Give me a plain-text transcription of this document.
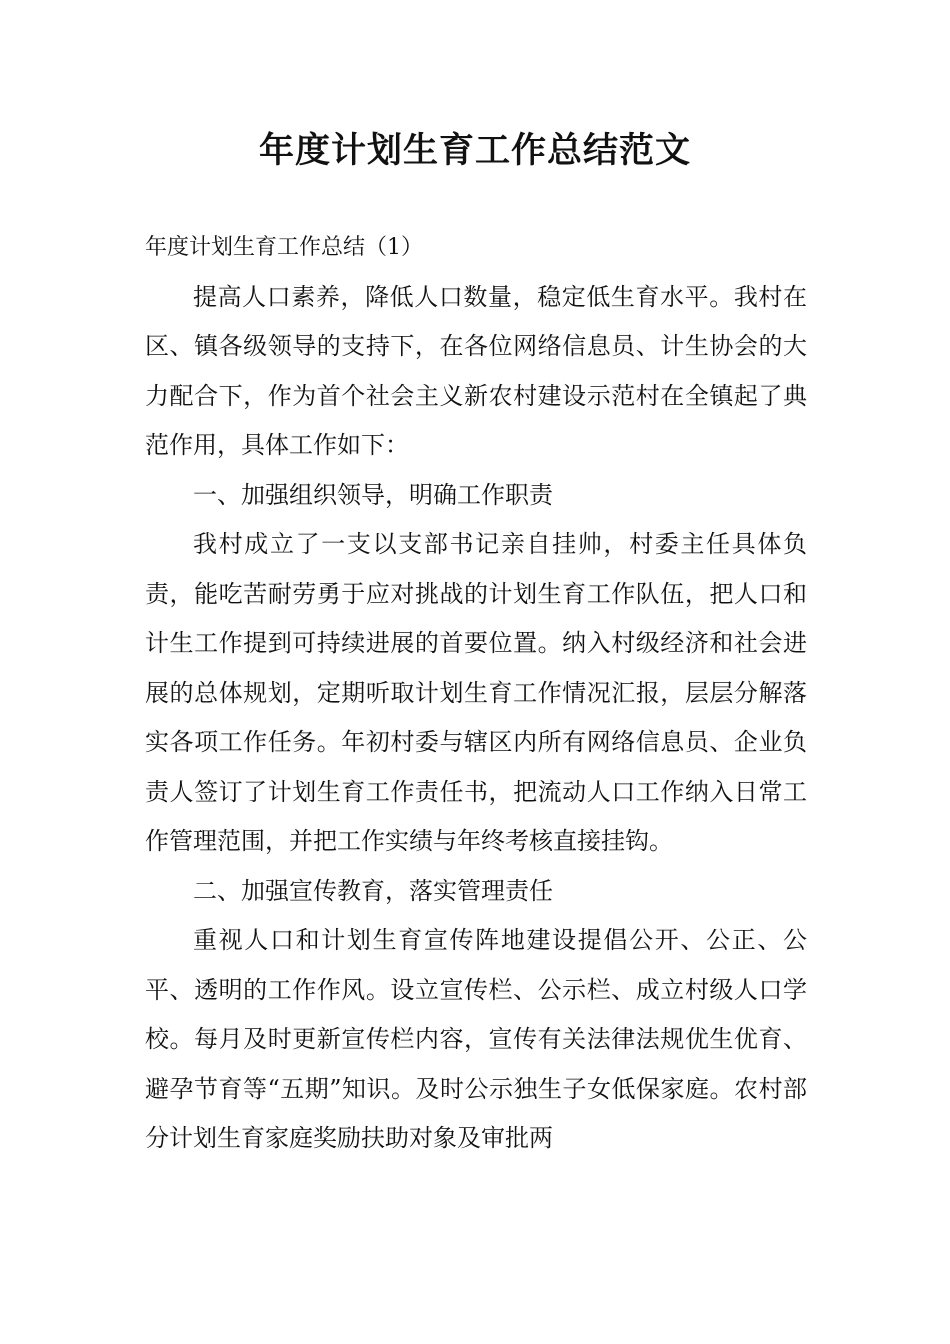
年度计划生育工作总结范文

年度计划生育工作总结（1）

提高人口素养，降低人口数量，稳定低生育水平。我村在区、镇各级领导的支持下，在各位网络信息员、计生协会的大力配合下，作为首个社会主义新农村建设示范村在全镇起了典范作用，具体工作如下：

一、加强组织领导，明确工作职责

我村成立了一支以支部书记亲自挂帅，村委主任具体负责，能吃苦耐劳勇于应对挑战的计划生育工作队伍，把人口和计生工作提到可持续进展的首要位置。纳入村级经济和社会进展的总体规划，定期听取计划生育工作情况汇报，层层分解落实各项工作任务。年初村委与辖区内所有网络信息员、企业负责人签订了计划生育工作责任书，把流动人口工作纳入日常工作管理范围，并把工作实绩与年终考核直接挂钩。

二、加强宣传教育，落实管理责任

重视人口和计划生育宣传阵地建设提倡公开、公正、公平、透明的工作作风。设立宣传栏、公示栏、成立村级人口学校。每月及时更新宣传栏内容，宣传有关法律法规优生优育、避孕节育等“五期”知识。及时公示独生子女低保家庭。农村部分计划生育家庭奖励扶助对象及审批两
